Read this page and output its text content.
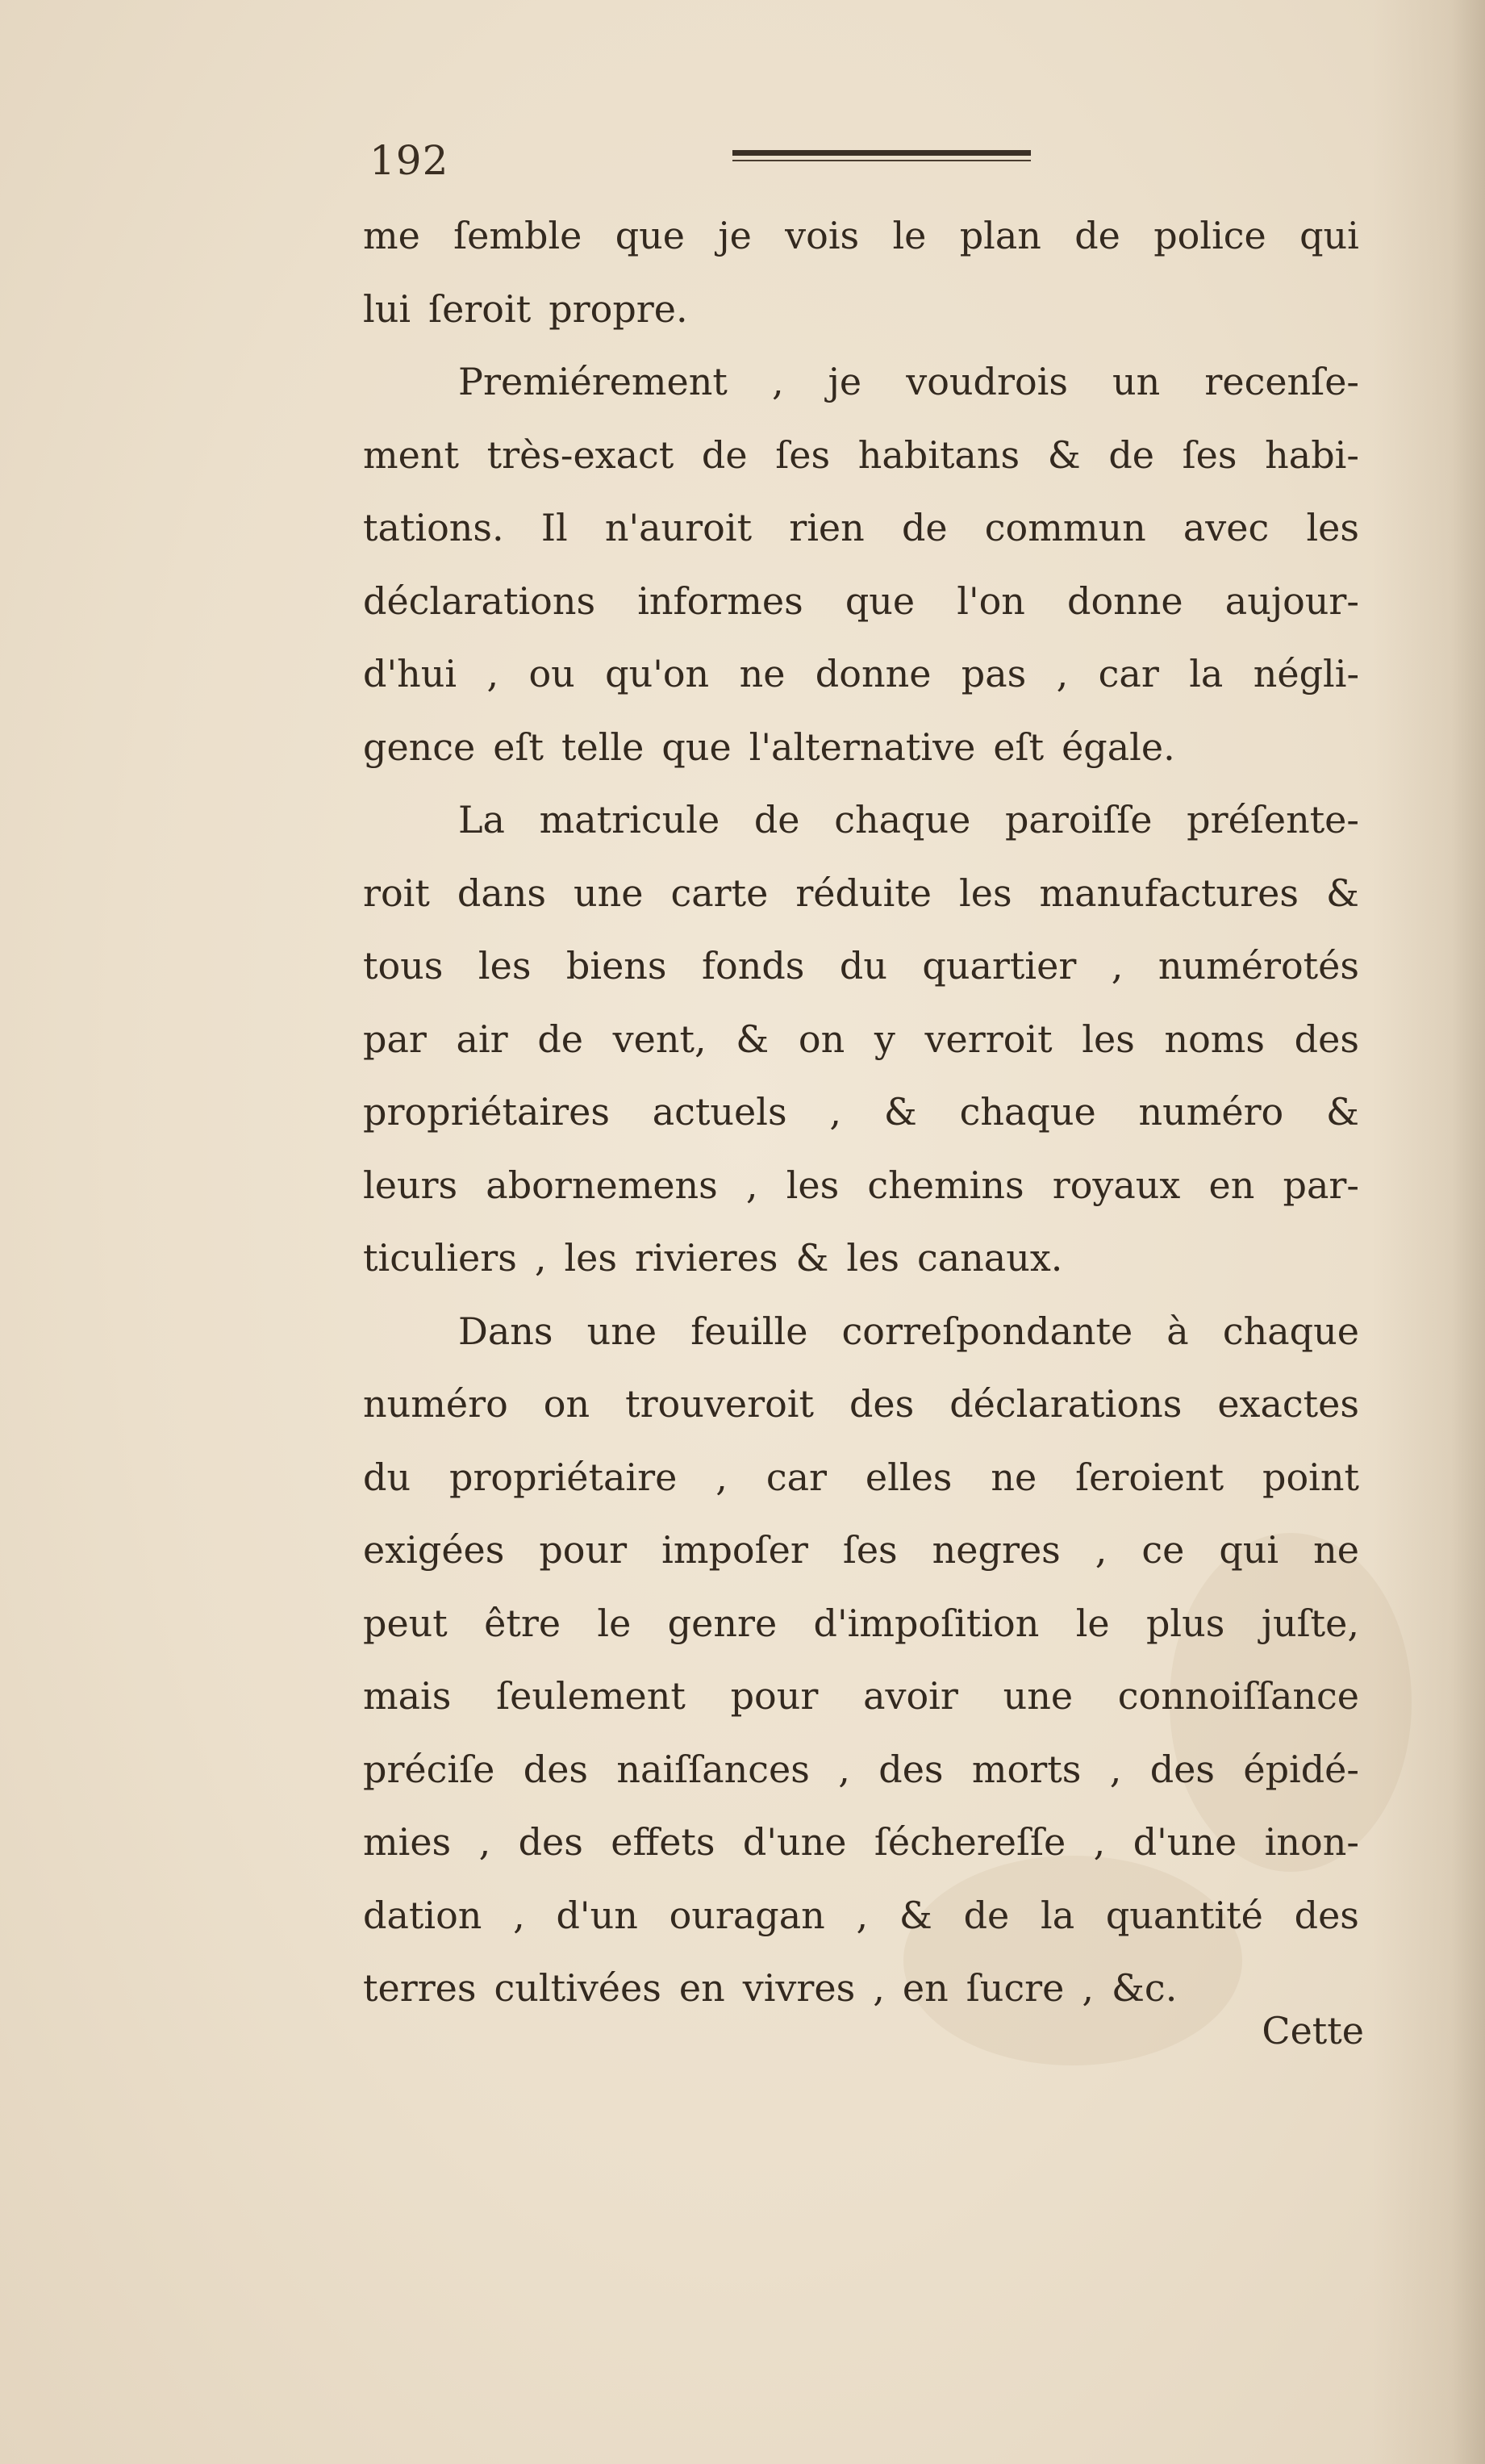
192
me ſemble que je vois le plan de police qui
lui ſeroit propre.
Premiérement , je voudrois un recenſe-
ment très-exact de ſes habitans & de ſes habi-
tations. Il n'auroit rien de commun avec les
déclarations informes que l'on donne aujour-
d'hui , ou qu'on ne donne pas , car la négli-
gence eſt telle que l'alternative eſt égale.
La matricule de chaque paroiſſe préſente-
roit dans une carte réduite les manufactures &
tous les biens fonds du quartier , numérotés
par air de vent, & on y verroit les noms des
propriétaires actuels , & chaque numéro &
leurs abornemens , les chemins royaux en par-
ticuliers , les rivieres & les canaux.
Dans une feuille correſpondante à chaque
numéro on trouveroit des déclarations exactes
du propriétaire , car elles ne ſeroient point
exigées pour impoſer ſes negres , ce qui ne
peut être le genre d'impoſition le plus juſte,
mais ſeulement pour avoir une connoiſſance
préciſe des naiſſances , des morts , des épidé-
mies , des effets d'une ſéchereſſe , d'une inon-
dation , d'un ouragan , & de la quantité des
terres cultivées en vivres , en ſucre , &c.
Cette
